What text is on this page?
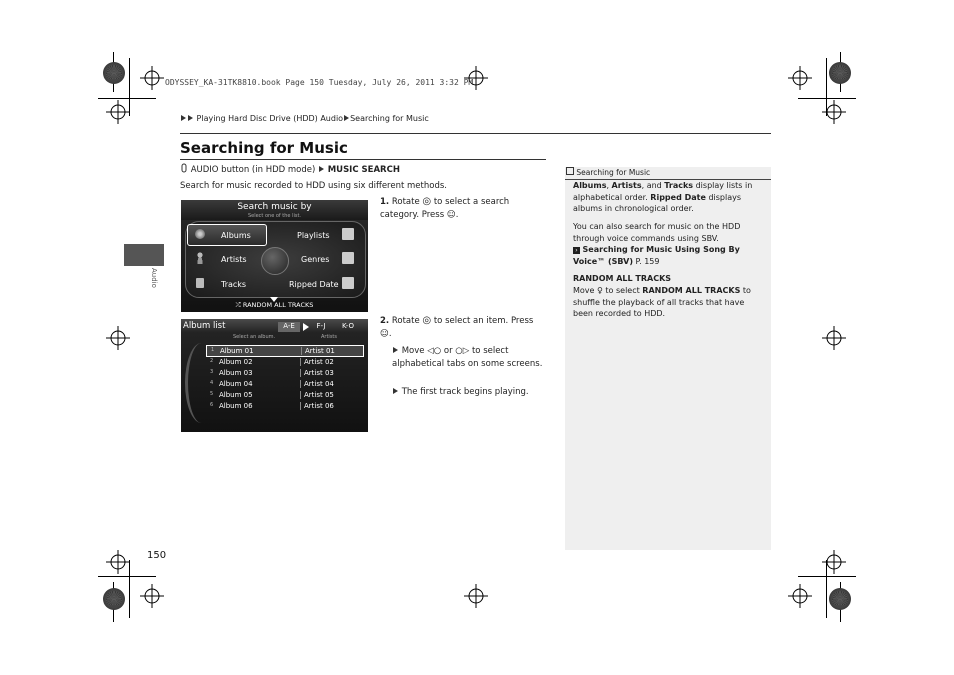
ODYSSEY_KA-31TK8810.book Page 150 Tuesday, July 26, 2011 3:32 PM
Playing Hard Disc Drive (HDD) Audio Searching for Music
Searching for Music
Audio
AUDIO button (in HDD mode) MUSIC SEARCH
Search for music recorded to HDD using six different methods.
Search music by
Select one of the list.
Albums
Artists
Tracks
Playlists
Genres
Ripped Date
⤮ RANDOM ALL TRACKS
Album list	A-E	F-J	K-O
Select an album.	Artists
1 Album 01	Artist 01
2 Album 02	Artist 02
3 Album 03	Artist 03
4 Album 04	Artist 04
5 Album 05	Artist 05
6 Album 06	Artist 06
1. Rotate ◎ to select a search category. Press ☺.
2. Rotate ◎ to select an item. Press ☺.
Move ◁○ or ○▷ to select alphabetical tabs on some screens.
The first track begins playing.
Searching for Music
Albums, Artists, and Tracks display lists in alphabetical order. Ripped Date displays albums in chronological order.
You can also search for music on the HDD through voice commands using SBV.
› Searching for Music Using Song By Voice™ (SBV) P. 159
RANDOM ALL TRACKS
Move ♀ to select RANDOM ALL TRACKS to shuffle the playback of all tracks that have been recorded to HDD.
150
